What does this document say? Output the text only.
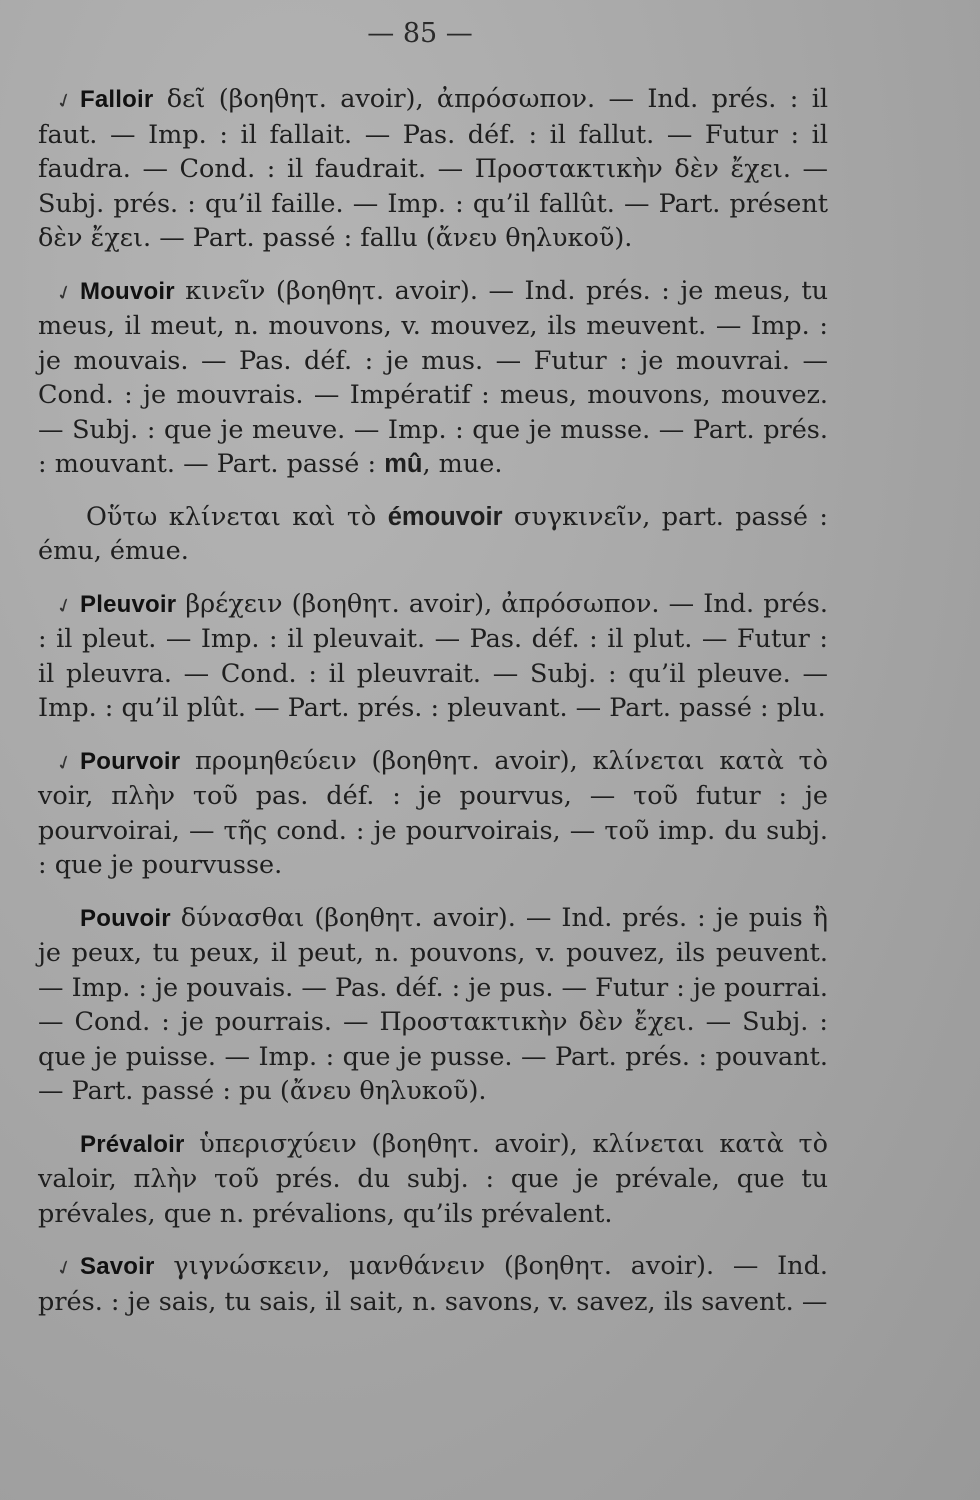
— 85 —

✓ Falloir δεῖ (βοηθητ. avoir), ἀπρόσωπον. — Ind. prés. : il faut. — Imp. : il fallait. — Pas. déf. : il fallut. — Futur : il faudra. — Cond. : il faudrait. — Προστακτικὴν δὲν ἔχει. — Subj. prés. : qu’il faille. — Imp. : qu’il fallût. — Part. présent δὲν ἔχει. — Part. passé : fallu (ἄνευ θηλυκοῦ).

✓ Mouvoir κινεῖν (βοηθητ. avoir). — Ind. prés. : je meus, tu meus, il meut, n. mouvons, v. mouvez, ils meuvent. — Imp. : je mouvais. — Pas. déf. : je mus. — Futur : je mouvrai. — Cond. : je mouvrais. — Impératif : meus, mouvons, mouvez. — Subj. : que je meuve. — Imp. : que je musse. — Part. prés. : mouvant. — Part. passé : mû, mue.

Οὕτω κλίνεται καὶ τὸ émouvoir συγκινεῖν, part. passé : ému, émue.

✓ Pleuvoir βρέχειν (βοηθητ. avoir), ἀπρόσωπον. — Ind. prés. : il pleut. — Imp. : il pleuvait. — Pas. déf. : il plut. — Futur : il pleuvra. — Cond. : il pleuvrait. — Subj. : qu’il pleuve. — Imp. : qu’il plût. — Part. prés. : pleuvant. — Part. passé : plu.

✓ Pourvoir προμηθεύειν (βοηθητ. avoir), κλίνεται κατὰ τὸ voir, πλὴν τοῦ pas. déf. : je pourvus, — τοῦ futur : je pourvoirai, — τῆς cond. : je pourvoirais, — τοῦ imp. du subj. : que je pourvusse.

Pouvoir δύνασθαι (βοηθητ. avoir). — Ind. prés. : je puis ἢ je peux, tu peux, il peut, n. pouvons, v. pouvez, ils peuvent. — Imp. : je pouvais. — Pas. déf. : je pus. — Futur : je pourrai. — Cond. : je pourrais. — Προστακτικὴν δὲν ἔχει. — Subj. : que je puisse. — Imp. : que je pusse. — Part. prés. : pouvant. — Part. passé : pu (ἄνευ θηλυκοῦ).

Prévaloir ὑπερισχύειν (βοηθητ. avoir), κλίνεται κατὰ τὸ valoir, πλὴν τοῦ prés. du subj. : que je prévale, que tu prévales, que n. prévalions, qu’ils prévalent.

✓ Savoir γιγνώσκειν, μανθάνειν (βοηθητ. avoir). — Ind. prés. : je sais, tu sais, il sait, n. savons, v. savez, ils savent. —
